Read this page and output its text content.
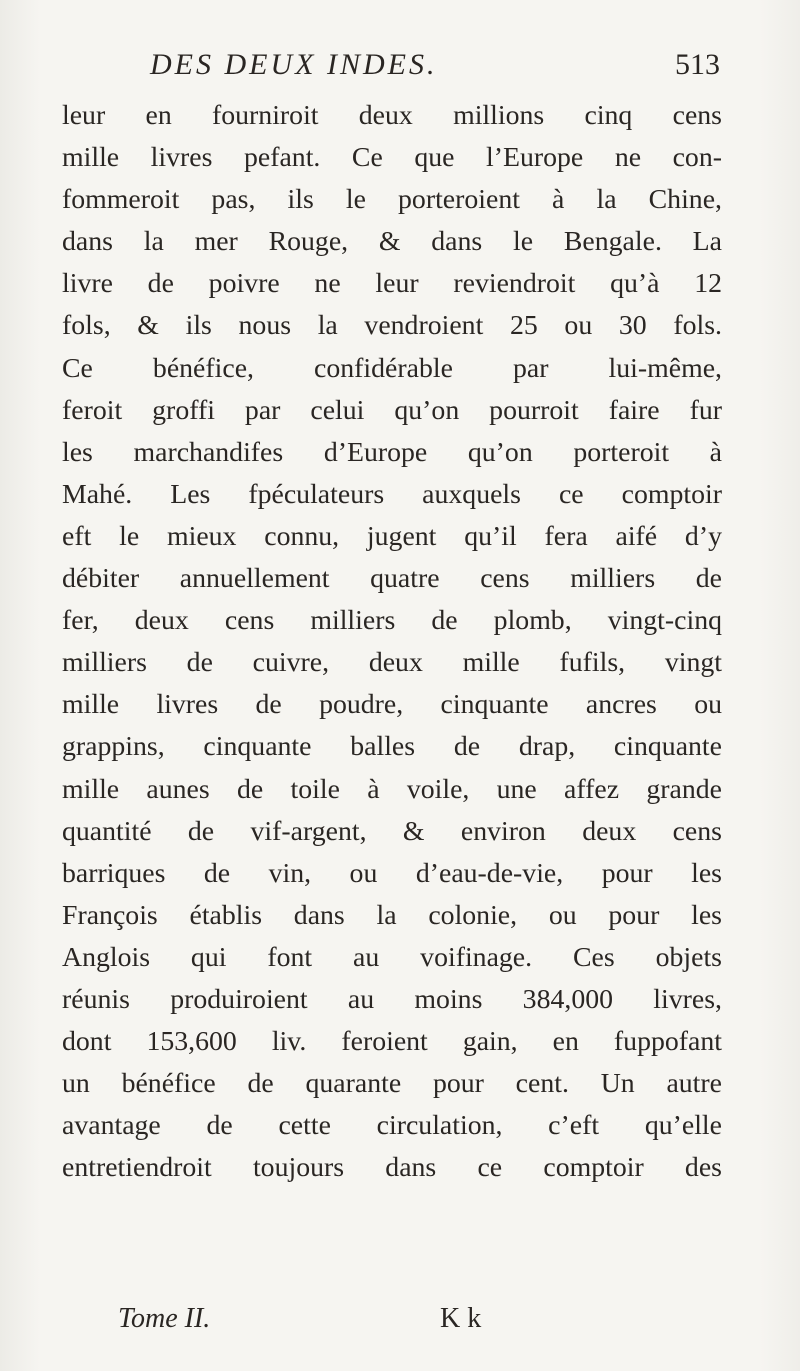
DES DEUX INDES.	513
leur en fourniroit deux millions cinq cens
mille livres pefant. Ce que l’Europe ne con-
fommeroit pas, ils le porteroient à la Chine,
dans la mer Rouge, & dans le Bengale. La
livre de poivre ne leur reviendroit qu’à 12
fols, & ils nous la vendroient 25 ou 30 fols.
Ce bénéfice, confidérable par lui-même,
feroit groffi par celui qu’on pourroit faire fur
les marchandifes d’Europe qu’on porteroit à
Mahé. Les fpéculateurs auxquels ce comptoir
eft le mieux connu, jugent qu’il fera aifé d’y
débiter annuellement quatre cens milliers de
fer, deux cens milliers de plomb, vingt-cinq
milliers de cuivre, deux mille fufils, vingt
mille livres de poudre, cinquante ancres ou
grappins, cinquante balles de drap, cinquante
mille aunes de toile à voile, une affez grande
quantité de vif-argent, & environ deux cens
barriques de vin, ou d’eau-de-vie, pour les
François établis dans la colonie, ou pour les
Anglois qui font au voifinage. Ces objets
réunis produiroient au moins 384,000 livres,
dont 153,600 liv. feroient gain, en fuppofant
un bénéfice de quarante pour cent. Un autre
avantage de cette circulation, c’eft qu’elle
entretiendroit toujours dans ce comptoir des
Tome II.	K k
